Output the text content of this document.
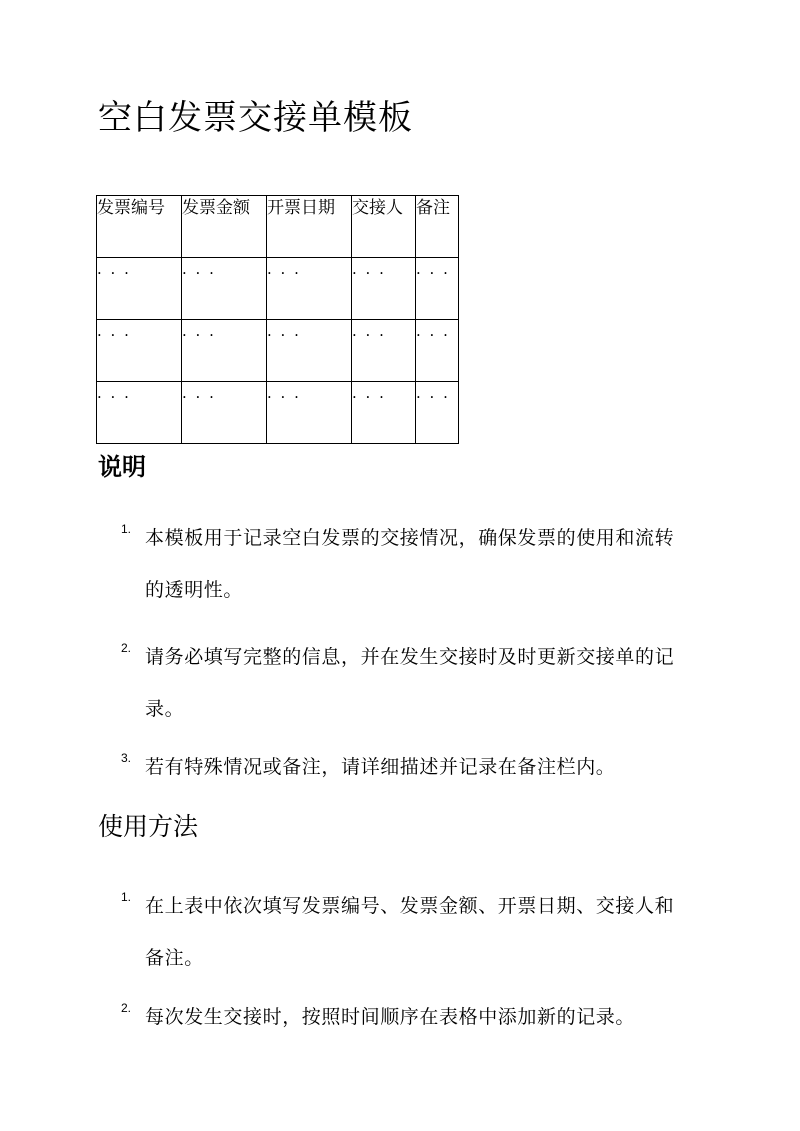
空白发票交接单模板
发票编号	发票金额	开票日期	交接人	备注
· · ·	· · ·	· · ·	· · ·	· · ·
· · ·	· · ·	· · ·	· · ·	· · ·
· · ·	· · ·	· · ·	· · ·	· · ·
说明
1. 本模板用于记录空白发票的交接情况，确保发票的使用和流转的透明性。
2. 请务必填写完整的信息，并在发生交接时及时更新交接单的记录。
3. 若有特殊情况或备注，请详细描述并记录在备注栏内。
使用方法
1. 在上表中依次填写发票编号、发票金额、开票日期、交接人和备注。
2. 每次发生交接时，按照时间顺序在表格中添加新的记录。
